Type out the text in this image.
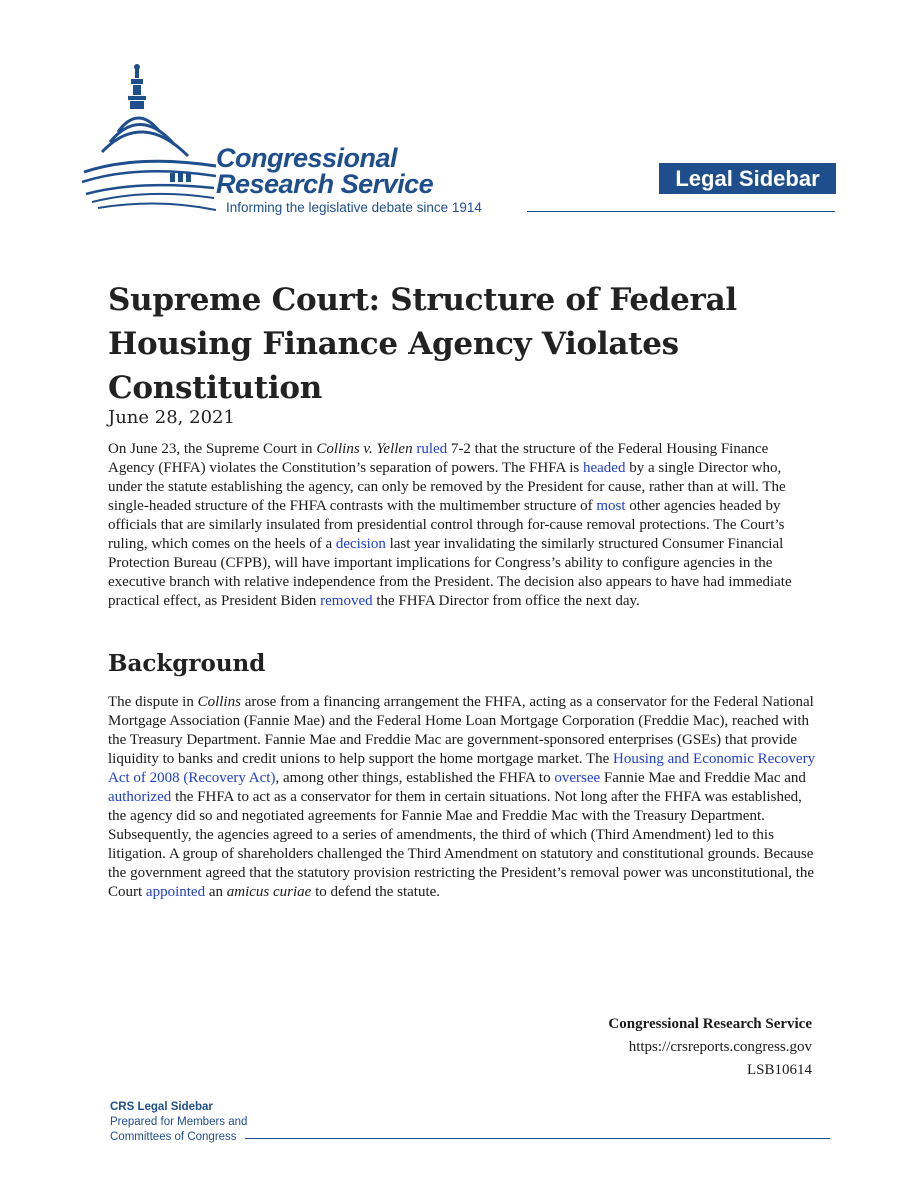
Congressional
Research Service
Informing the legislative debate since 1914
Legal Sidebar
Supreme Court: Structure of Federal Housing Finance Agency Violates Constitution

June 28, 2021

On June 23, the Supreme Court in Collins v. Yellen ruled 7-2 that the structure of the Federal Housing Finance Agency (FHFA) violates the Constitution’s separation of powers. The FHFA is headed by a single Director who, under the statute establishing the agency, can only be removed by the President for cause, rather than at will. The single-headed structure of the FHFA contrasts with the multimember structure of most other agencies headed by officials that are similarly insulated from presidential control through for-cause removal protections. The Court’s ruling, which comes on the heels of a decision last year invalidating the similarly structured Consumer Financial Protection Bureau (CFPB), will have important implications for Congress’s ability to configure agencies in the executive branch with relative independence from the President. The decision also appears to have had immediate practical effect, as President Biden removed the FHFA Director from office the next day.

Background

The dispute in Collins arose from a financing arrangement the FHFA, acting as a conservator for the Federal National Mortgage Association (Fannie Mae) and the Federal Home Loan Mortgage Corporation (Freddie Mac), reached with the Treasury Department. Fannie Mae and Freddie Mac are government-sponsored enterprises (GSEs) that provide liquidity to banks and credit unions to help support the home mortgage market. The Housing and Economic Recovery Act of 2008 (Recovery Act), among other things, established the FHFA to oversee Fannie Mae and Freddie Mac and authorized the FHFA to act as a conservator for them in certain situations. Not long after the FHFA was established, the agency did so and negotiated agreements for Fannie Mae and Freddie Mac with the Treasury Department. Subsequently, the agencies agreed to a series of amendments, the third of which (Third Amendment) led to this litigation. A group of shareholders challenged the Third Amendment on statutory and constitutional grounds. Because the government agreed that the statutory provision restricting the President’s removal power was unconstitutional, the Court appointed an amicus curiae to defend the statute.

Congressional Research Service
https://crsreports.congress.gov
LSB10614
CRS Legal Sidebar
Prepared for Members and
Committees of Congress
